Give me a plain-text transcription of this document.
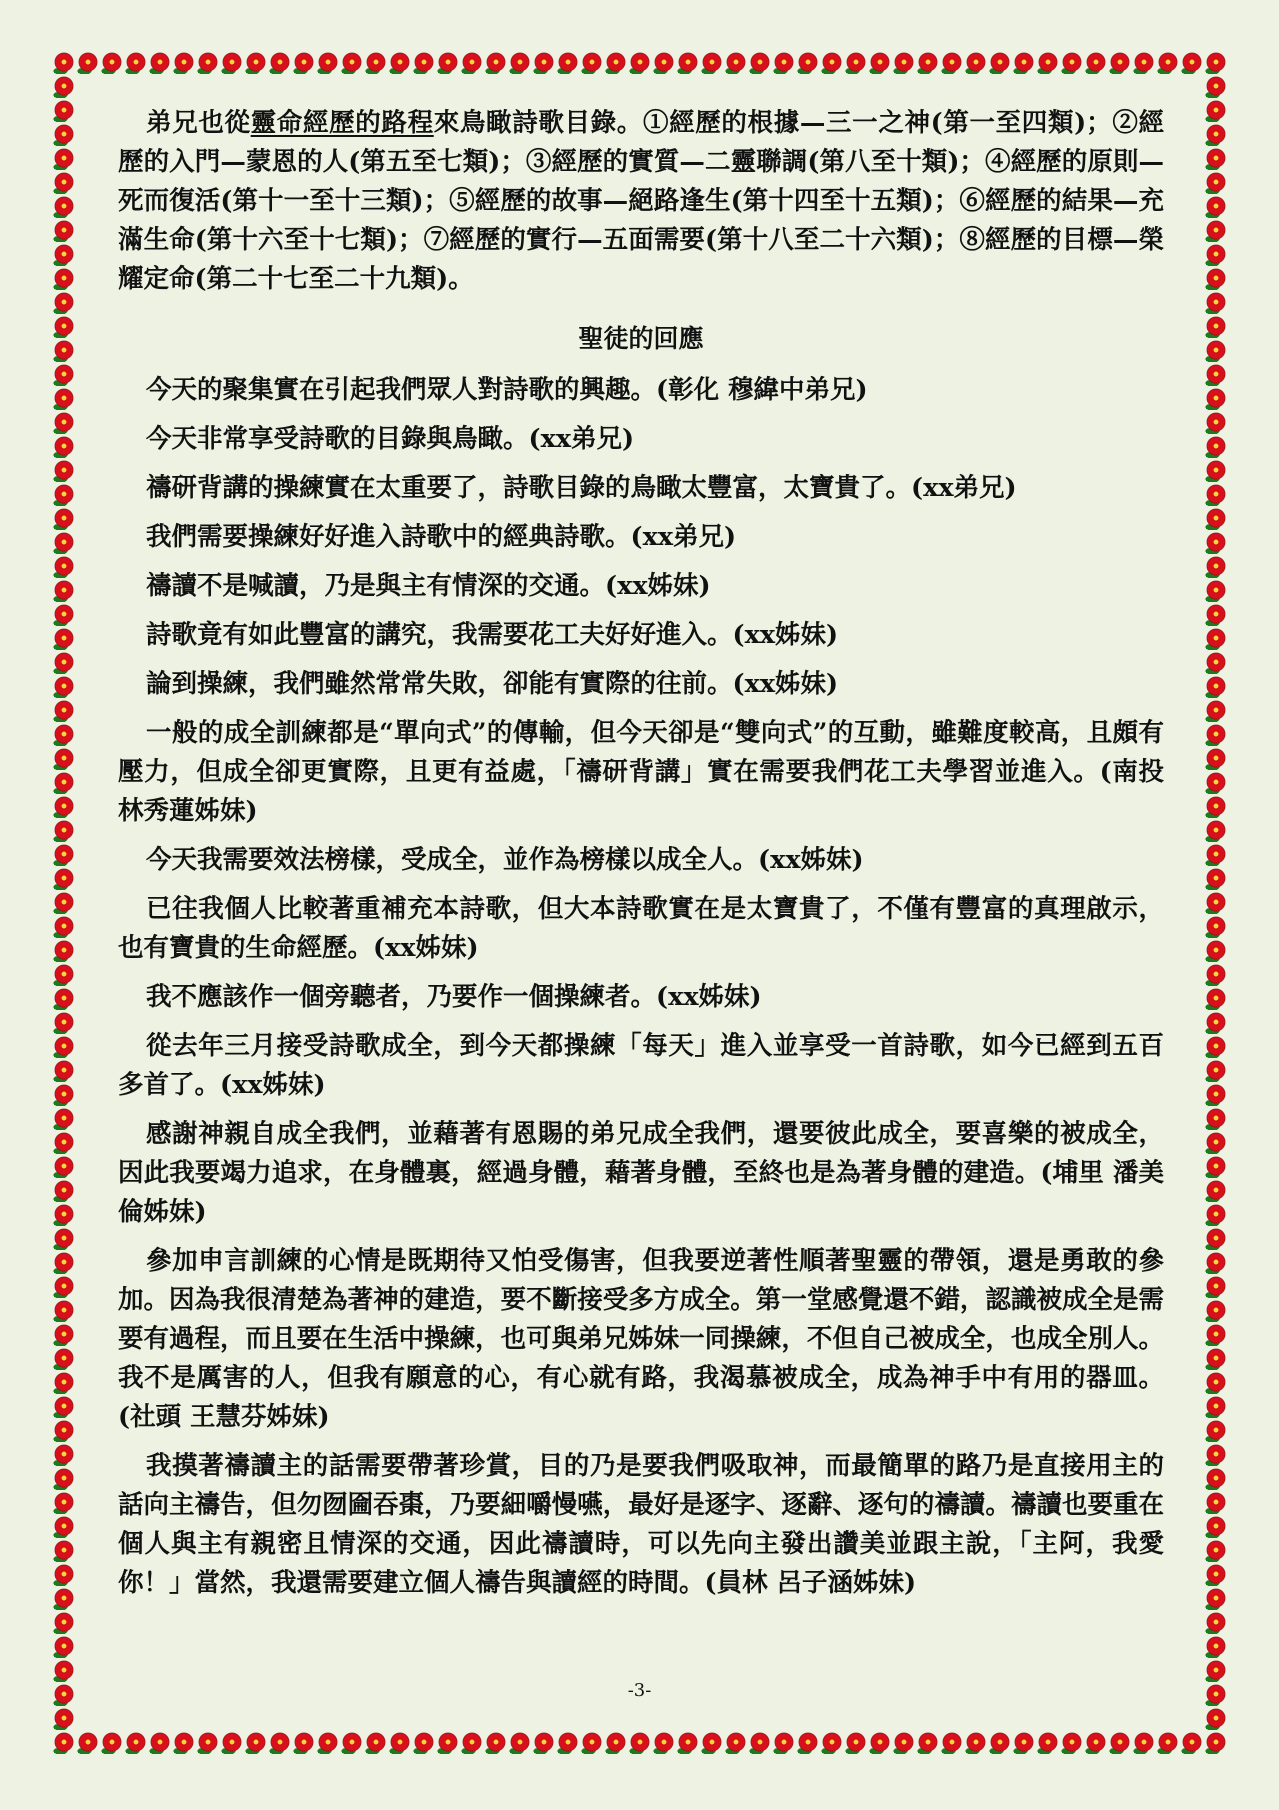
弟兄也從靈命經歷的路程來鳥瞰詩歌目錄。①經歷的根據—三一之神(第一至四類)；②經歷的入門—蒙恩的人(第五至七類)；③經歷的實質—二靈聯調(第八至十類)；④經歷的原則—死而復活(第十一至十三類)；⑤經歷的故事—絕路逢生(第十四至十五類)；⑥經歷的結果—充滿生命(第十六至十七類)；⑦經歷的實行—五面需要(第十八至二十六類)；⑧經歷的目標—榮耀定命(第二十七至二十九類)。

聖徒的回應

今天的聚集實在引起我們眾人對詩歌的興趣。(彰化 穆緯中弟兄)

今天非常享受詩歌的目錄與鳥瞰。(xx弟兄)

禱研背講的操練實在太重要了，詩歌目錄的鳥瞰太豐富，太寶貴了。(xx弟兄)

我們需要操練好好進入詩歌中的經典詩歌。(xx弟兄)

禱讀不是喊讀，乃是與主有情深的交通。(xx姊妹)

詩歌竟有如此豐富的講究，我需要花工夫好好進入。(xx姊妹)

論到操練，我們雖然常常失敗，卻能有實際的往前。(xx姊妹)

一般的成全訓練都是“單向式”的傳輸，但今天卻是“雙向式”的互動，雖難度較高，且頗有壓力，但成全卻更實際，且更有益處，「禱研背講」實在需要我們花工夫學習並進入。(南投 林秀蓮姊妹)

今天我需要效法榜樣，受成全，並作為榜樣以成全人。(xx姊妹)

已往我個人比較著重補充本詩歌，但大本詩歌實在是太寶貴了，不僅有豐富的真理啟示，也有寶貴的生命經歷。(xx姊妹)

我不應該作一個旁聽者，乃要作一個操練者。(xx姊妹)

從去年三月接受詩歌成全，到今天都操練「每天」進入並享受一首詩歌，如今已經到五百多首了。(xx姊妹)

感謝神親自成全我們，並藉著有恩賜的弟兄成全我們，還要彼此成全，要喜樂的被成全，因此我要竭力追求，在身體裏，經過身體，藉著身體，至終也是為著身體的建造。(埔里 潘美倫姊妹)

參加申言訓練的心情是既期待又怕受傷害，但我要逆著性順著聖靈的帶領，還是勇敢的參加。因為我很清楚為著神的建造，要不斷接受多方成全。第一堂感覺還不錯，認識被成全是需要有過程，而且要在生活中操練，也可與弟兄姊妹一同操練，不但自己被成全，也成全別人。我不是厲害的人，但我有願意的心，有心就有路，我渴慕被成全，成為神手中有用的器皿。(社頭 王慧芬姊妹)

我摸著禱讀主的話需要帶著珍賞，目的乃是要我們吸取神，而最簡單的路乃是直接用主的話向主禱告，但勿囫圇吞棗，乃要細嚼慢嚥，最好是逐字、逐辭、逐句的禱讀。禱讀也要重在個人與主有親密且情深的交通，因此禱讀時，可以先向主發出讚美並跟主說，「主阿，我愛你！」當然，我還需要建立個人禱告與讀經的時間。(員林 呂子涵姊妹)

-3-
